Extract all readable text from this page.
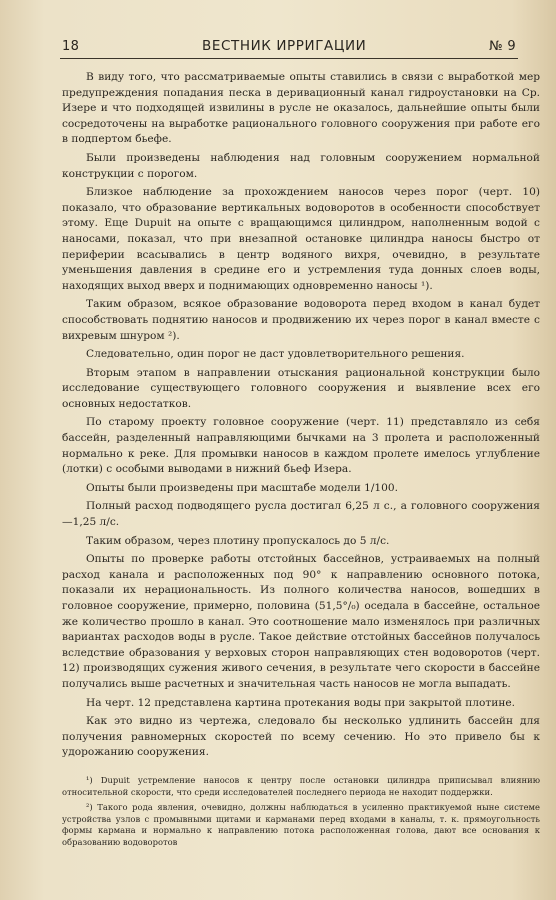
18	ВЕСТНИК ИРРИГАЦИИ	№ 9

В виду того, что рассматриваемые опыты ставились в связи с выработкой мер предупреждения попадания песка в деривационный канал гидроустановки на Ср. Изере и что подходящей извилины в русле не оказалось, дальнейшие опыты были сосредоточены на выработке рационального головного сооружения при работе его в подпертом бьефе.

Были произведены наблюдения над головным сооружением нормальной конструкции с порогом.

Близкое наблюдение за прохождением наносов через порог (черт. 10) показало, что образование вертикальных водоворотов в особенности способствует этому. Еще Dupuit на опыте с вращающимся цилиндром, наполненным водой с наносами, показал, что при внезапной остановке цилиндра наносы быстро от периферии всасывались в центр водяного вихря, очевидно, в результате уменьшения давления в средине его и устремления туда донных слоев воды, находящих выход вверх и поднимающих одновременно наносы ¹).

Таким образом, всякое образование водоворота перед входом в канал будет способствовать поднятию наносов и продвижению их через порог в канал вместе с вихревым шнуром ²).

Следовательно, один порог не даст удовлетворительного решения.

Вторым этапом в направлении отыскания рациональной конструкции было исследование существующего головного сооружения и выявление всех его основных недостатков.

По старому проекту головное сооружение (черт. 11) представляло из себя бассейн, разделенный направляющими бычками на 3 пролета и расположенный нормально к реке. Для промывки наносов в каждом пролете имелось углубление (лотки) с особыми выводами в нижний бьеф Изера.

Опыты были произведены при масштабе модели 1/100.

Полный расход подводящего русла достигал 6,25 л с., а головного сооружения—1,25 л/с.

Таким образом, через плотину пропускалось до 5 л/с.

Опыты по проверке работы отстойных бассейнов, устраиваемых на полный расход канала и расположенных под 90° к направлению основного потока, показали их нерациональность. Из полного количества наносов, вошедших в головное сооружение, примерно, половина (51,5°/₀) оседала в бассейне, остальное же количество прошло в канал. Это соотношение мало изменялось при различных вариантах расходов воды в русле. Такое действие отстойных бассейнов получалось вследствие образования у верховых сторон направляющих стен водоворотов (черт. 12) производящих сужения живого сечения, в результате чего скорости в бассейне получались выше расчетных и значительная часть наносов не могла выпадать.

На черт. 12 представлена картина протекания воды при закрытой плотине.

Как это видно из чертежа, следовало бы несколько удлинить бассейн для получения равномерных скоростей по всему сечению. Но это привело бы к удорожанию сооружения.

¹) Dupuit устремление наносов к центру после остановки цилиндра приписывал влиянию относительной скорости, что среди исследователей последнего периода не находит поддержки.

²) Такого рода явления, очевидно, должны наблюдаться в усиленно практикуемой ныне системе устройства узлов с промывными щитами и карманами перед входами в каналы, т. к. прямоугольность формы кармана и нормально к направлению потока расположенная голова, дают все основания к образованию водоворотов
